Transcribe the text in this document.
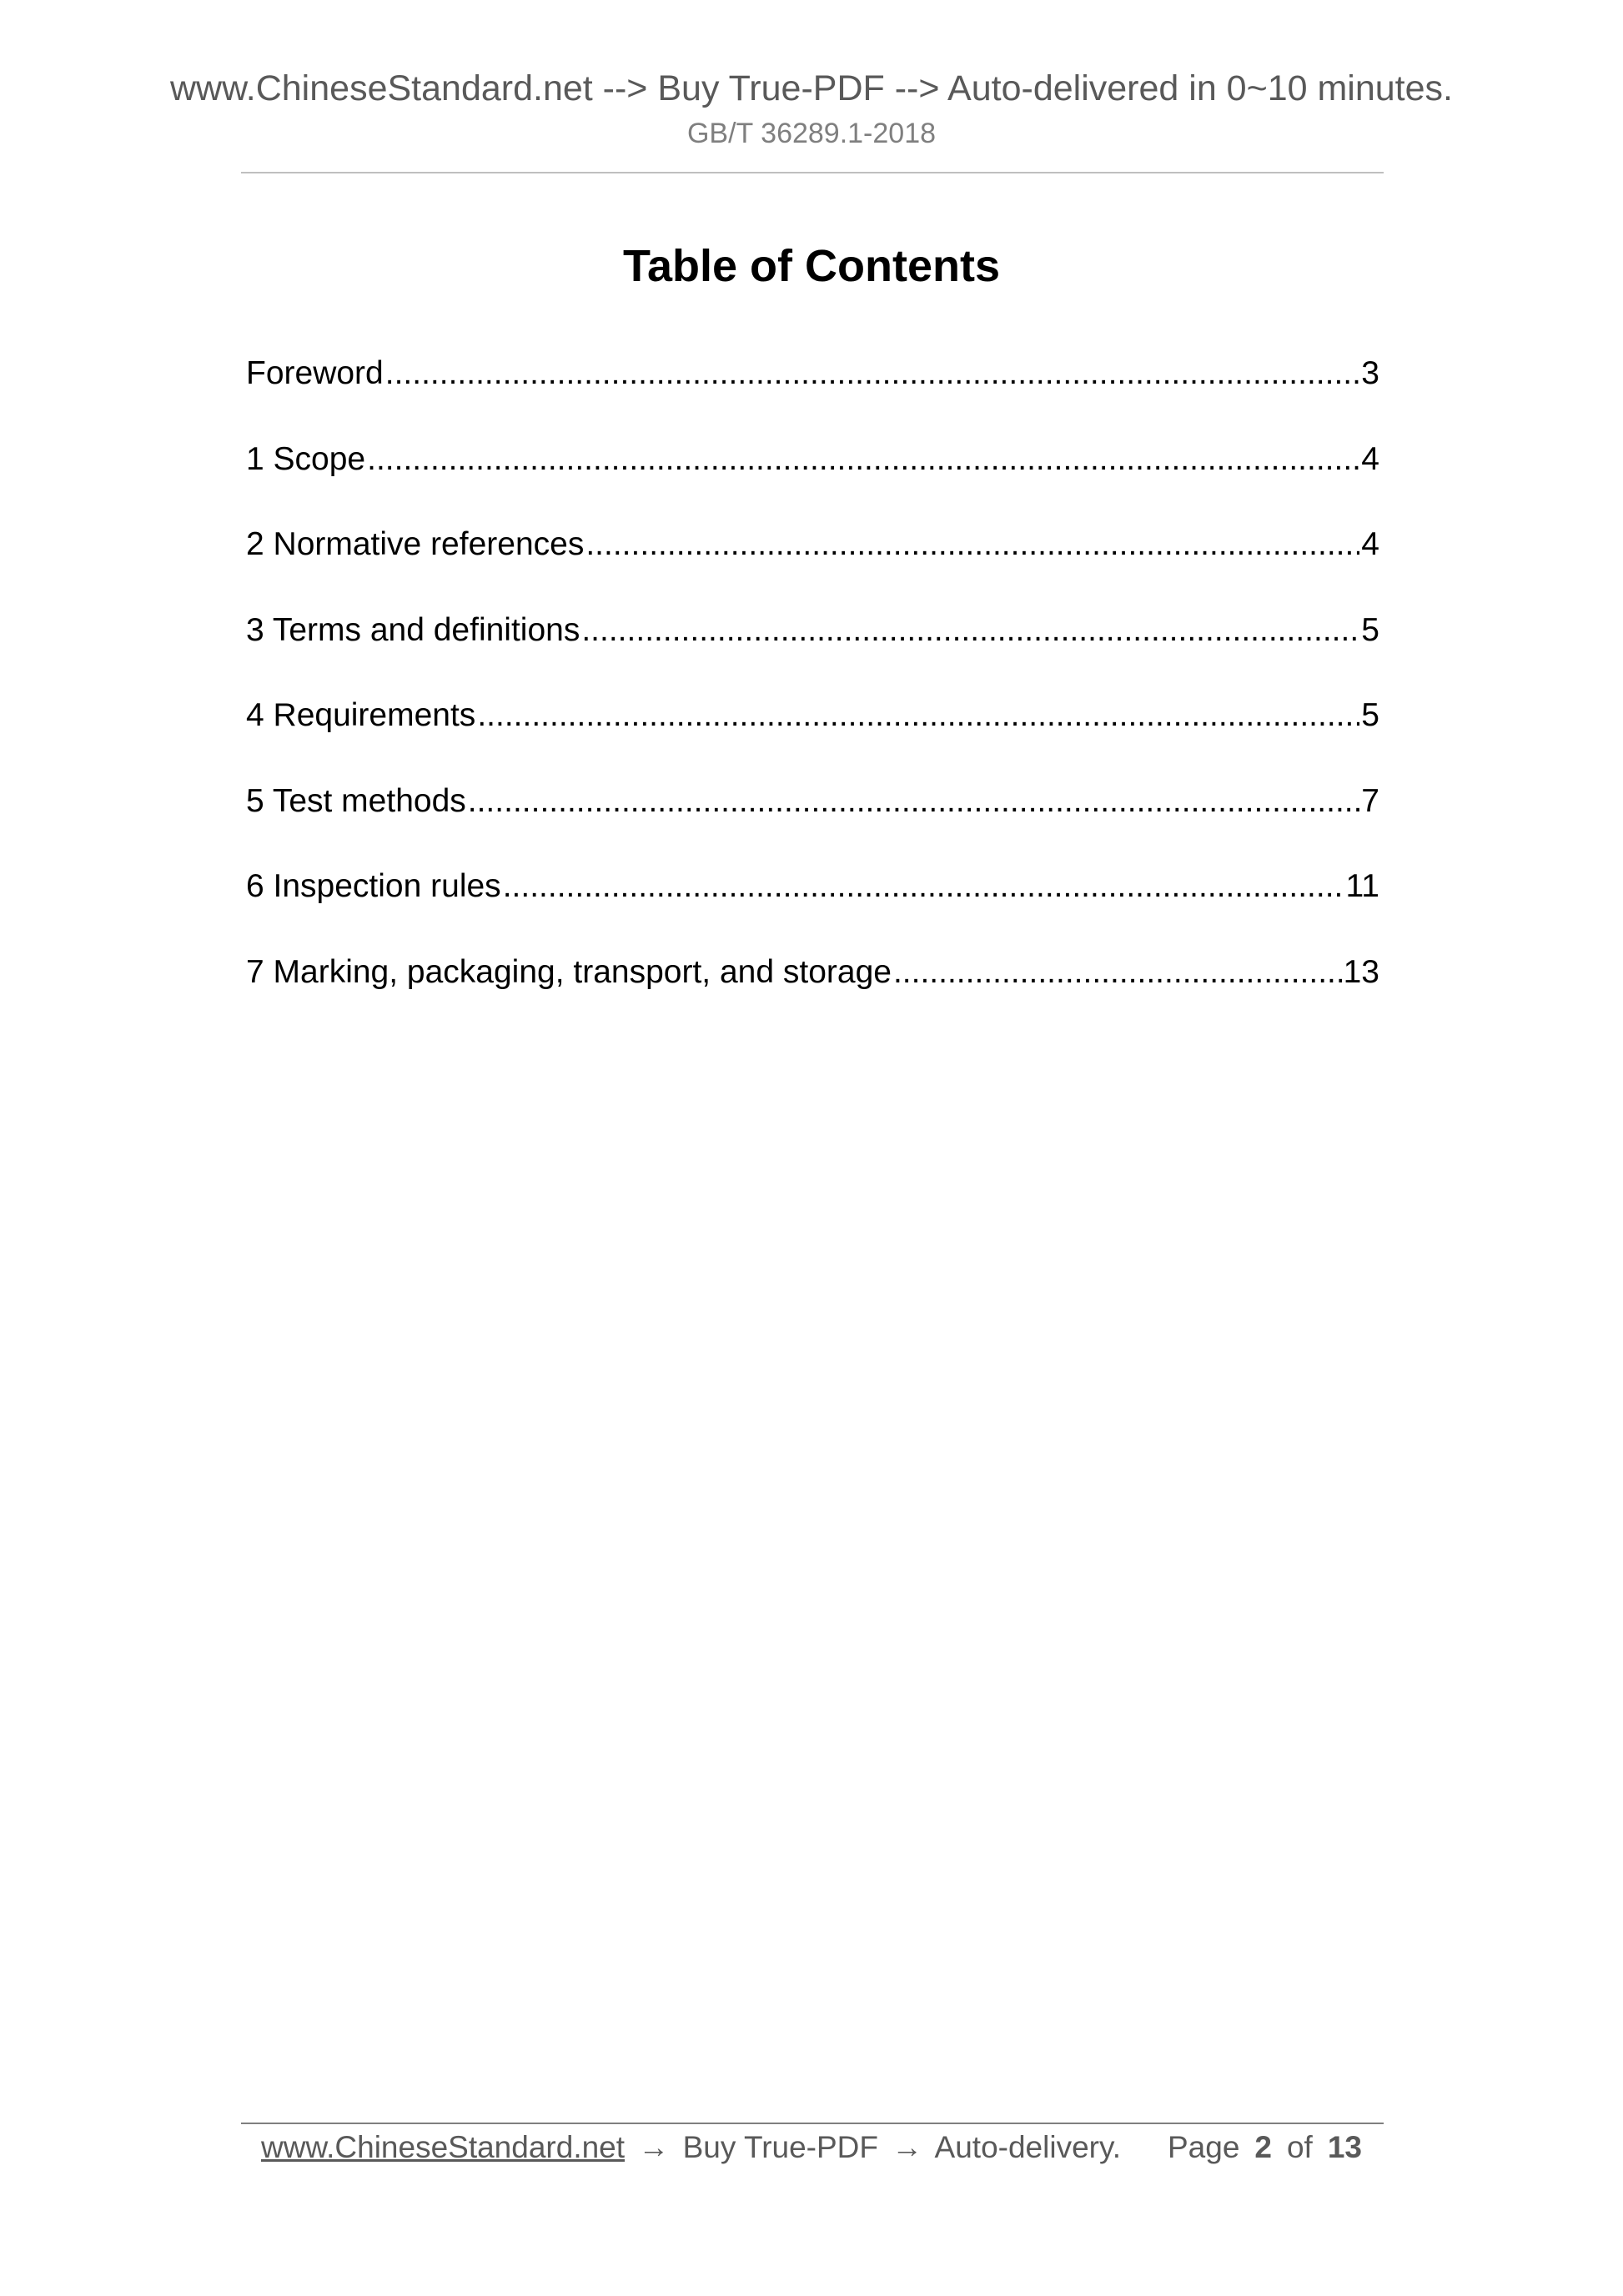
www.ChineseStandard.net --> Buy True-PDF --> Auto-delivered in 0~10 minutes.
GB/T 36289.1-2018
Table of Contents
Foreword .....	3
1 Scope .....	4
2 Normative references .....	4
3 Terms and definitions .....	5
4 Requirements .....	5
5 Test methods .....	7
6 Inspection rules .....	11
7 Marking, packaging, transport, and storage .....	13
www.ChineseStandard.net → Buy True-PDF → Auto-delivery. Page 2 of 13
